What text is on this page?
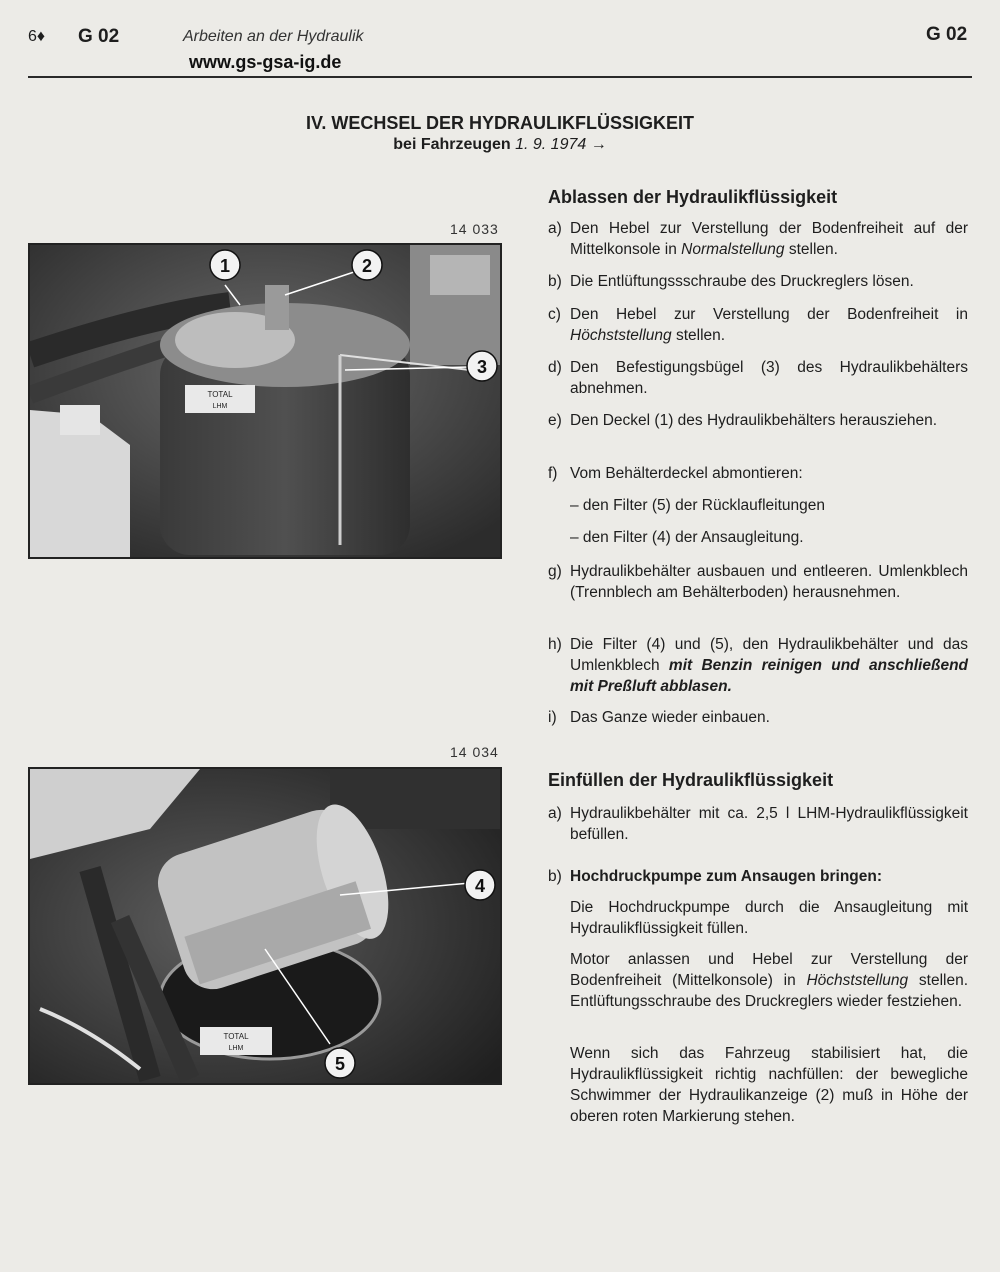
6♦ G 02	Arbeiten an der Hydraulik
www.gs-gsa-ig.de
G 02
IV. WECHSEL DER HYDRAULIKFLÜSSIGKEIT
bei Fahrzeugen 1. 9. 1974 →
14 033
TOTAL
LHM
1	2
3
14 034
TOTAL
LHM
4
5
Ablassen der Hydraulikflüssigkeit
a) Den Hebel zur Verstellung der Bodenfreiheit auf der Mittelkonsole in Normalstellung stellen.
b) Die Entlüftungssschraube des Druckreglers lösen.
c) Den Hebel zur Verstellung der Bodenfreiheit in Höchststellung stellen.
d) Den Befestigungsbügel (3) des Hydraulikbehälters abnehmen.
e) Den Deckel (1) des Hydraulikbehälters herausziehen.
f) Vom Behälterdeckel abmontieren:
– den Filter (5) der Rücklaufleitungen
– den Filter (4) der Ansaugleitung.
g) Hydraulikbehälter ausbauen und entleeren. Umlenkblech (Trennblech am Behälterboden) herausnehmen.
h) Die Filter (4) und (5), den Hydraulikbehälter und das Umlenkblech mit Benzin reinigen und anschließend mit Preßluft abblasen.
i) Das Ganze wieder einbauen.
Einfüllen der Hydraulikflüssigkeit
a) Hydraulikbehälter mit ca. 2,5 l LHM-Hydraulikflüssigkeit befüllen.
b) Hochdruckpumpe zum Ansaugen bringen:
Die Hochdruckpumpe durch die Ansaugleitung mit Hydraulikflüssigkeit füllen.
Motor anlassen und Hebel zur Verstellung der Bodenfreiheit (Mittelkonsole) in Höchststellung stellen. Entlüftungsschraube des Druckreglers wieder festziehen.
Wenn sich das Fahrzeug stabilisiert hat, die Hydraulikflüssigkeit richtig nachfüllen: der bewegliche Schwimmer der Hydraulikanzeige (2) muß in Höhe der oberen roten Markierung stehen.
